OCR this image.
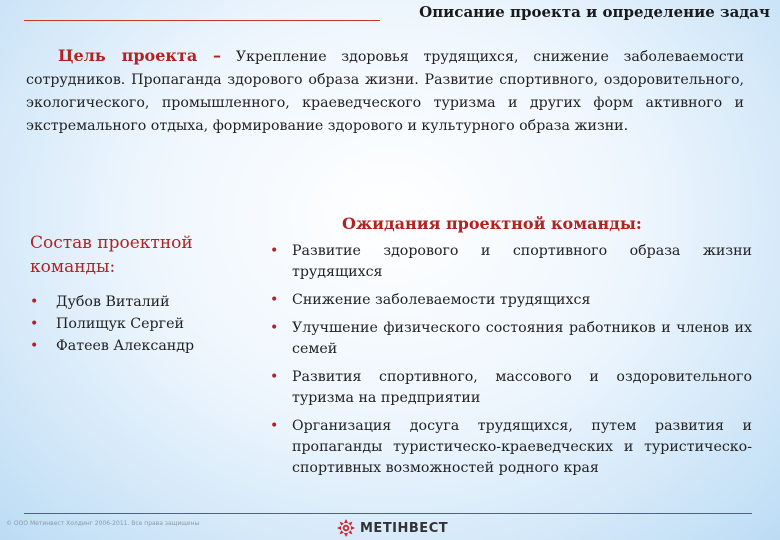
Описание проекта и определение задач
Цель проекта – Укрепление здоровья трудящихся, снижение заболеваемости сотрудников. Пропаганда здорового образа жизни. Развитие спортивного, оздоровительного, экологического, промышленного, краеведческого туризма и других форм активного и экстремального отдыха, формирование здорового и культурного образа жизни.
Состав проектной команды:
• Дубов Виталий
• Полищук Сергей
• Фатеев Александр
Ожидания проектной команды:
• Развитие здорового и спортивного образа жизни трудящихся
• Снижение заболеваемости трудящихся
• Улучшение физического состояния работников и членов их семей
• Развития спортивного, массового и оздоровительного туризма на предприятии
• Организация досуга трудящихся, путем развития и пропаганды туристическо-краеведческих и туристическо-спортивных возможностей родного края
© ООО Метинвест Холдинг 2006-2011. Все права защищены	МЕТІНВЕСТ
